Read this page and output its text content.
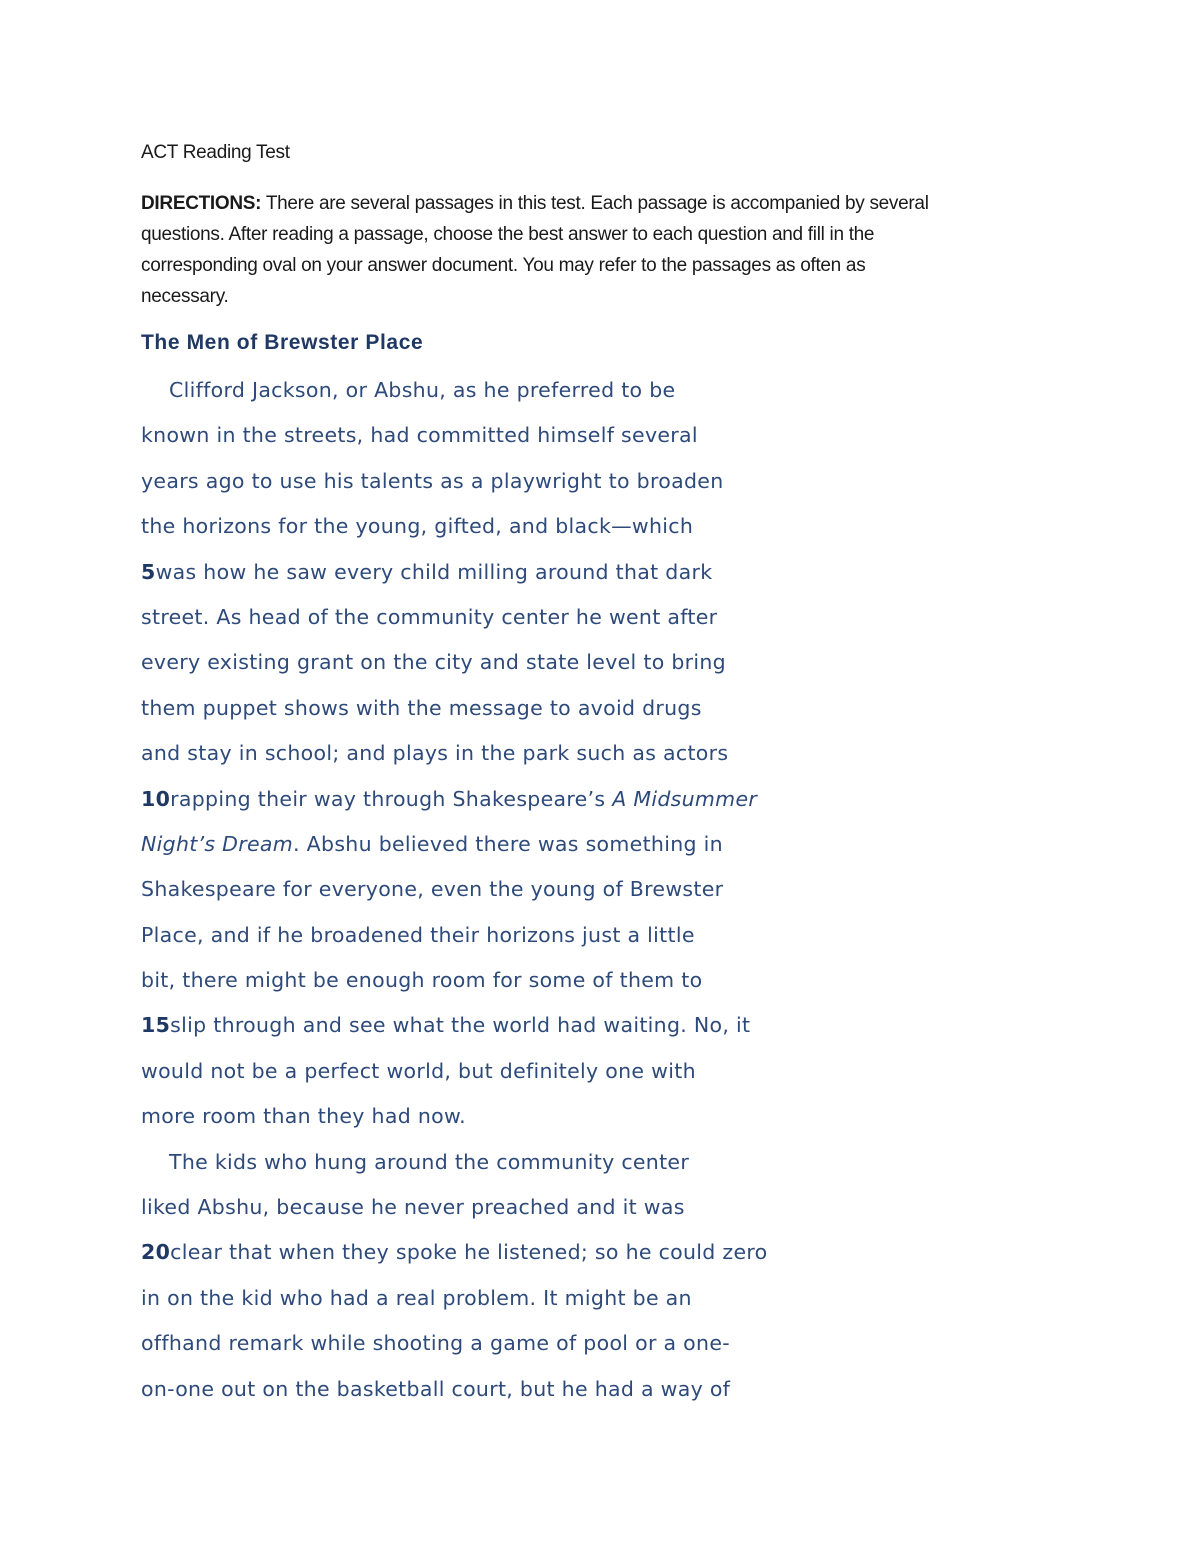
ACT Reading Test
DIRECTIONS: There are several passages in this test. Each passage is accompanied by several
questions. After reading a passage, choose the best answer to each question and fill in the
corresponding oval on your answer document. You may refer to the passages as often as
necessary.
The Men of Brewster Place
Clifford Jackson, or Abshu, as he preferred to be
known in the streets, had committed himself several
years ago to use his talents as a playwright to broaden
the horizons for the young, gifted, and black—which
5was how he saw every child milling around that dark
street. As head of the community center he went after
every existing grant on the city and state level to bring
them puppet shows with the message to avoid drugs
and stay in school; and plays in the park such as actors
10rapping their way through Shakespeare’s A Midsummer
Night’s Dream. Abshu believed there was something in
Shakespeare for everyone, even the young of Brewster
Place, and if he broadened their horizons just a little
bit, there might be enough room for some of them to
15slip through and see what the world had waiting. No, it
would not be a perfect world, but definitely one with
more room than they had now.
The kids who hung around the community center
liked Abshu, because he never preached and it was
20clear that when they spoke he listened; so he could zero
in on the kid who had a real problem. It might be an
offhand remark while shooting a game of pool or a one-
on-one out on the basketball court, but he had a way of
